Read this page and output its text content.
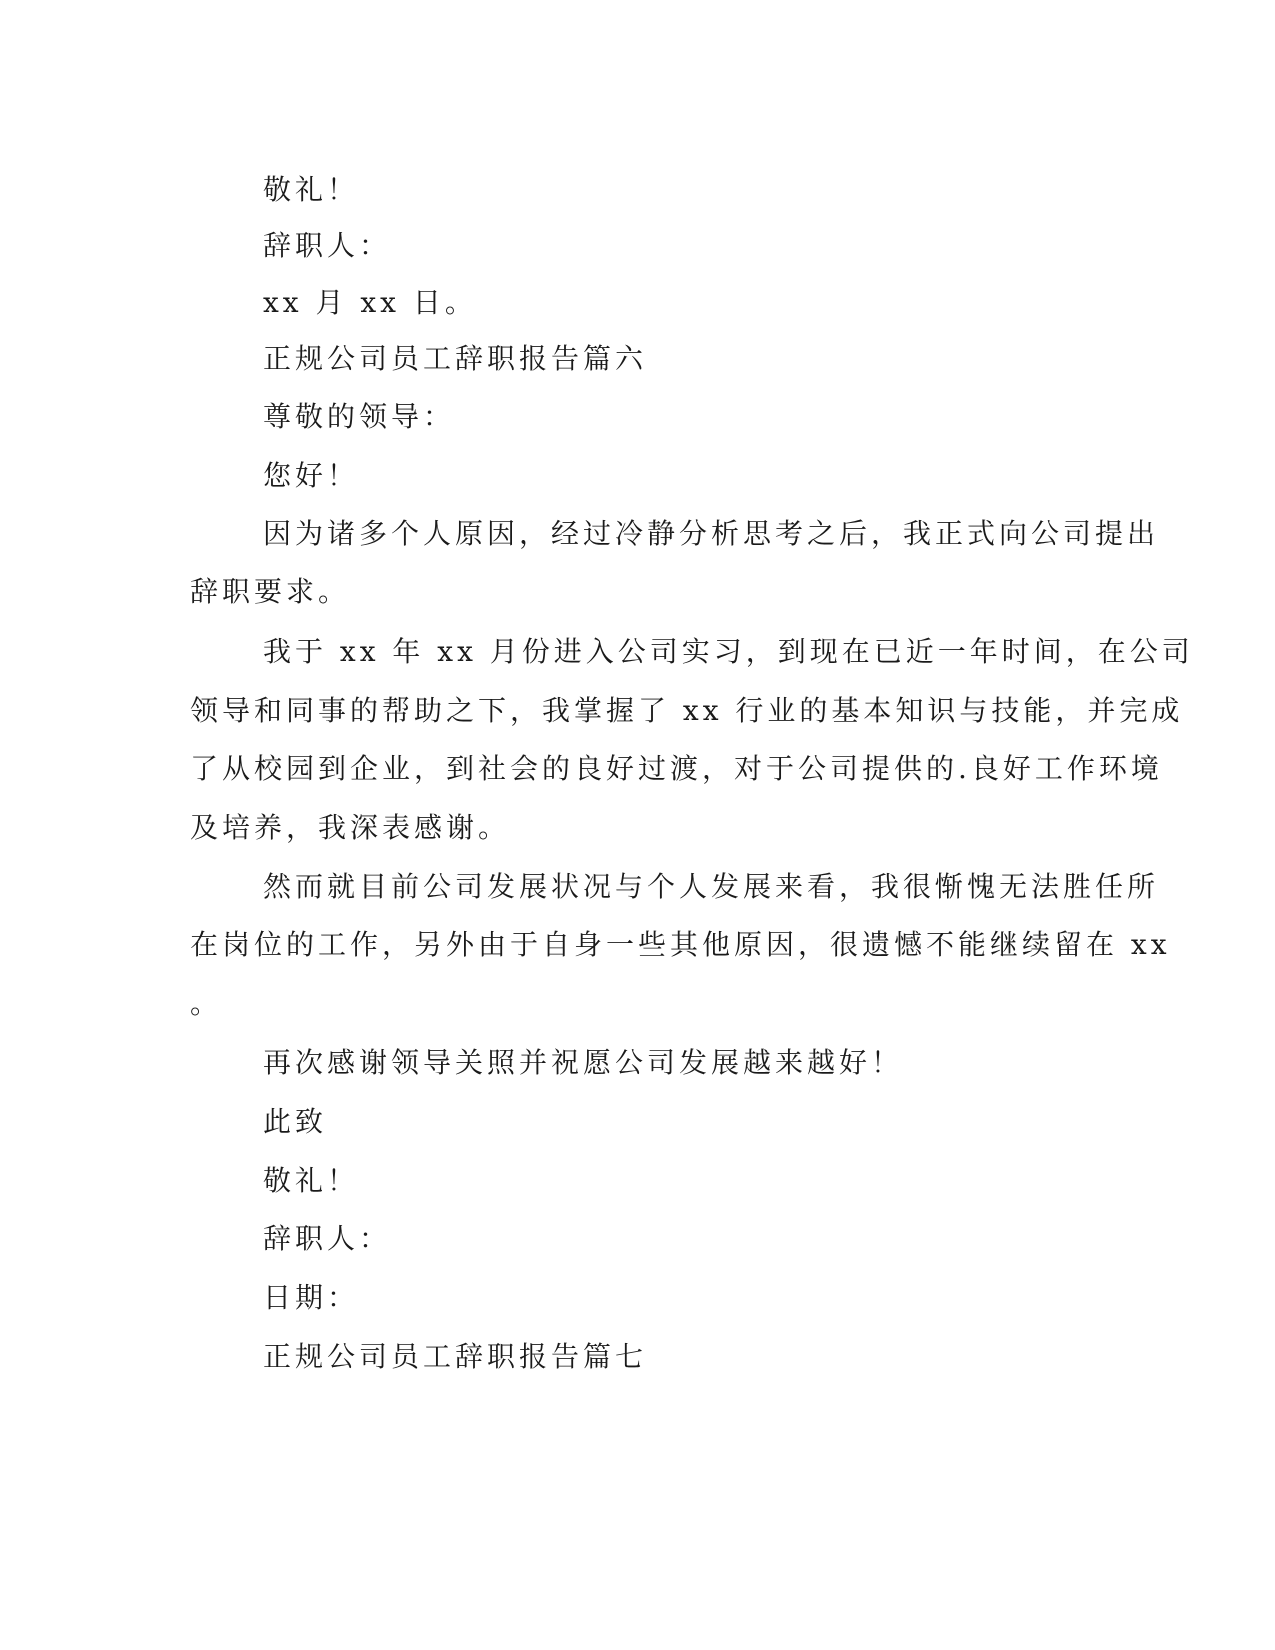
敬礼！
辞职人：
xx 月 xx 日。
正规公司员工辞职报告篇六
尊敬的领导：
您好！
因为诸多个人原因，经过冷静分析思考之后，我正式向公司提出
辞职要求。
我于 xx 年 xx 月份进入公司实习，到现在已近一年时间，在公司
领导和同事的帮助之下，我掌握了 xx 行业的基本知识与技能，并完成
了从校园到企业，到社会的良好过渡，对于公司提供的.良好工作环境
及培养，我深表感谢。
然而就目前公司发展状况与个人发展来看，我很惭愧无法胜任所
在岗位的工作，另外由于自身一些其他原因，很遗憾不能继续留在 xx
。
再次感谢领导关照并祝愿公司发展越来越好！
此致
敬礼！
辞职人：
日期：
正规公司员工辞职报告篇七
